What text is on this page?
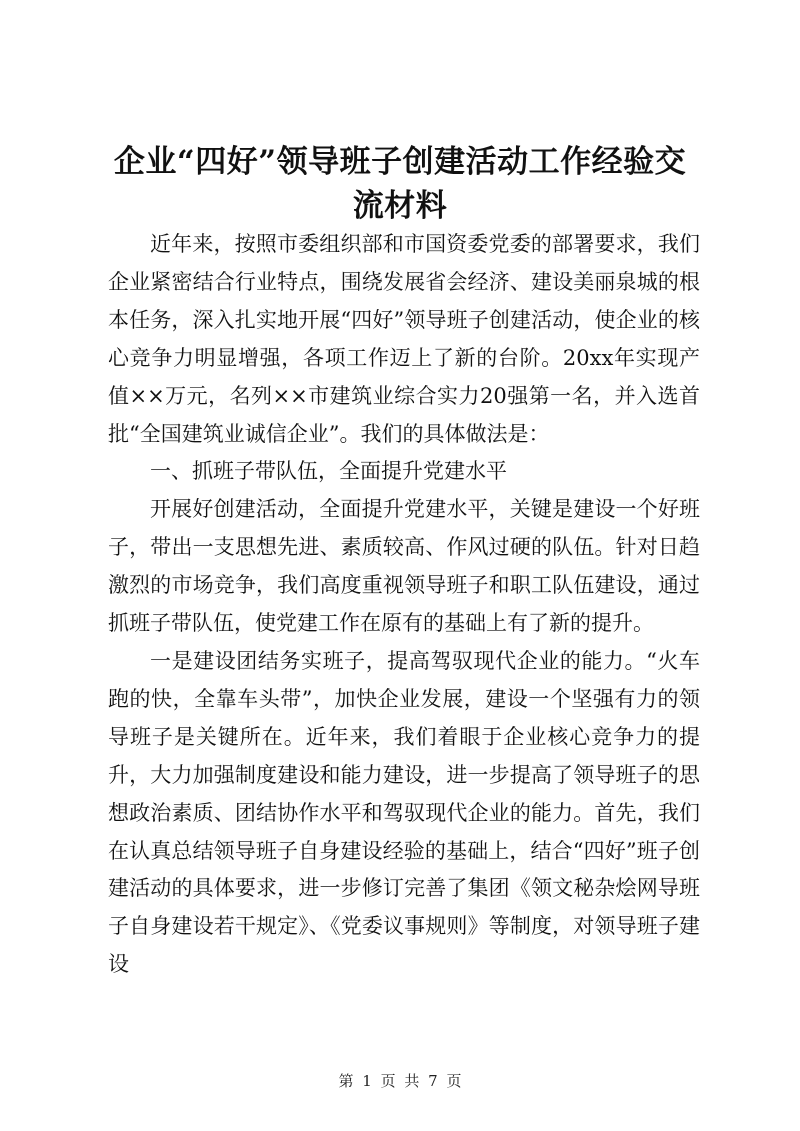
企业“四好”领导班子创建活动工作经验交流材料

近年来，按照市委组织部和市国资委党委的部署要求，我们企业紧密结合行业特点，围绕发展省会经济、建设美丽泉城的根本任务，深入扎实地开展“四好”领导班子创建活动，使企业的核心竞争力明显增强，各项工作迈上了新的台阶。20xx年实现产值××万元，名列××市建筑业综合实力20强第一名，并入选首批“全国建筑业诚信企业”。我们的具体做法是：

一、抓班子带队伍，全面提升党建水平

开展好创建活动，全面提升党建水平，关键是建设一个好班子，带出一支思想先进、素质较高、作风过硬的队伍。针对日趋激烈的市场竞争，我们高度重视领导班子和职工队伍建设，通过抓班子带队伍，使党建工作在原有的基础上有了新的提升。

一是建设团结务实班子，提高驾驭现代企业的能力。“火车跑的快，全靠车头带”，加快企业发展，建设一个坚强有力的领导班子是关键所在。近年来，我们着眼于企业核心竞争力的提升，大力加强制度建设和能力建设，进一步提高了领导班子的思想政治素质、团结协作水平和驾驭现代企业的能力。首先，我们在认真总结领导班子自身建设经验的基础上，结合“四好”班子创建活动的具体要求，进一步修订完善了集团《领文秘杂烩网导班子自身建设若干规定》、《党委议事规则》等制度，对领导班子建设

第 1 页 共 7 页
